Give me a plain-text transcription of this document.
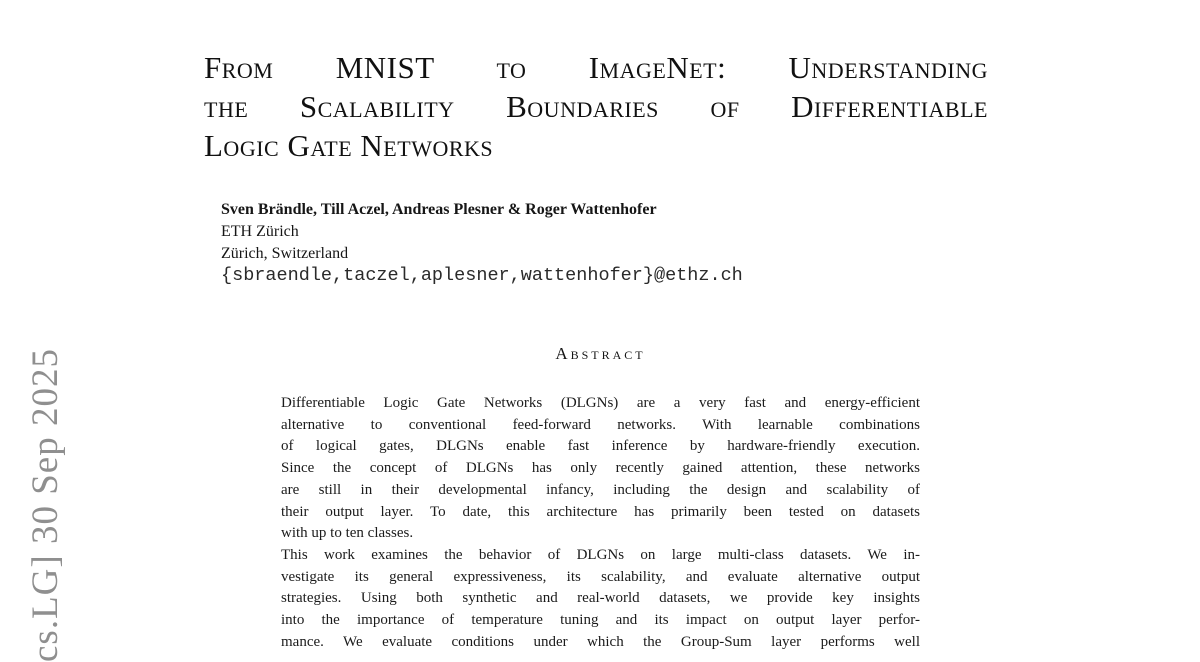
cs.LG] 30 Sep 2025
From MNIST to ImageNet: Understanding
the Scalability Boundaries of Differentiable
Logic Gate Networks
Sven Brändle, Till Aczel, Andreas Plesner & Roger Wattenhofer
ETH Zürich
Zürich, Switzerland
{sbraendle,taczel,aplesner,wattenhofer}@ethz.ch
Abstract
Differentiable Logic Gate Networks (DLGNs) are a very fast and energy-efficient
alternative to conventional feed-forward networks. With learnable combinations
of logical gates, DLGNs enable fast inference by hardware-friendly execution.
Since the concept of DLGNs has only recently gained attention, these networks
are still in their developmental infancy, including the design and scalability of
their output layer. To date, this architecture has primarily been tested on datasets
with up to ten classes.
This work examines the behavior of DLGNs on large multi-class datasets. We in-
vestigate its general expressiveness, its scalability, and evaluate alternative output
strategies. Using both synthetic and real-world datasets, we provide key insights
into the importance of temperature tuning and its impact on output layer perfor-
mance. We evaluate conditions under which the Group-Sum layer performs well
